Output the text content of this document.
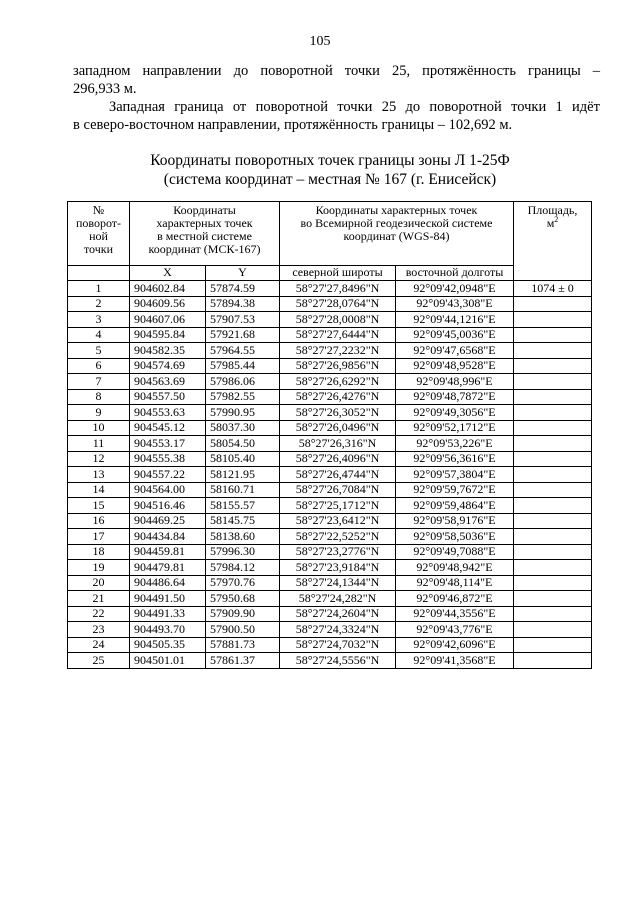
105
западном направлении до поворотной точки 25, протяжённость границы –
296,933 м.
Западная граница от поворотной точки 25 до поворотной точки 1 идёт
в северо-восточном направлении, протяжённость границы – 102,692 м.
Координаты поворотных точек границы зоны Л 1-25Ф
(система координат – местная № 167 (г. Енисейск)
№
поворот-
ной
точки	Координаты
характерных точек
в местной системе
координат (МСК-167)		Координаты характерных точек
во Всемирной геодезической системе
координат (WGS-84)		Площадь,
$м^2$
	X	Y	северной широты	восточной долготы	
1	904602.84	57874.59	58°27'27,8496"N	92°09'42,0948"E	1074 ± 0
2	904609.56	57894.38	58°27'28,0764"N	92°09'43,308"E	
3	904607.06	57907.53	58°27'28,0008"N	92°09'44,1216"E	
4	904595.84	57921.68	58°27'27,6444"N	92°09'45,0036"E	
5	904582.35	57964.55	58°27'27,2232"N	92°09'47,6568"E	
6	904574.69	57985.44	58°27'26,9856"N	92°09'48,9528"E	
7	904563.69	57986.06	58°27'26,6292"N	92°09'48,996"E	
8	904557.50	57982.55	58°27'26,4276"N	92°09'48,7872"E	
9	904553.63	57990.95	58°27'26,3052"N	92°09'49,3056"E	
10	904545.12	58037.30	58°27'26,0496"N	92°09'52,1712"E	
11	904553.17	58054.50	58°27'26,316"N	92°09'53,226"E	
12	904555.38	58105.40	58°27'26,4096"N	92°09'56,3616"E	
13	904557.22	58121.95	58°27'26,4744"N	92°09'57,3804"E	
14	904564.00	58160.71	58°27'26,7084"N	92°09'59,7672"E	
15	904516.46	58155.57	58°27'25,1712"N	92°09'59,4864"E	
16	904469.25	58145.75	58°27'23,6412"N	92°09'58,9176"E	
17	904434.84	58138.60	58°27'22,5252"N	92°09'58,5036"E	
18	904459.81	57996.30	58°27'23,2776"N	92°09'49,7088"E	
19	904479.81	57984.12	58°27'23,9184"N	92°09'48,942"E	
20	904486.64	57970.76	58°27'24,1344"N	92°09'48,114"E	
21	904491.50	57950.68	58°27'24,282"N	92°09'46,872"E	
22	904491.33	57909.90	58°27'24,2604"N	92°09'44,3556"E	
23	904493.70	57900.50	58°27'24,3324"N	92°09'43,776"E	
24	904505.35	57881.73	58°27'24,7032"N	92°09'42,6096"E	
25	904501.01	57861.37	58°27'24,5556"N	92°09'41,3568"E	
